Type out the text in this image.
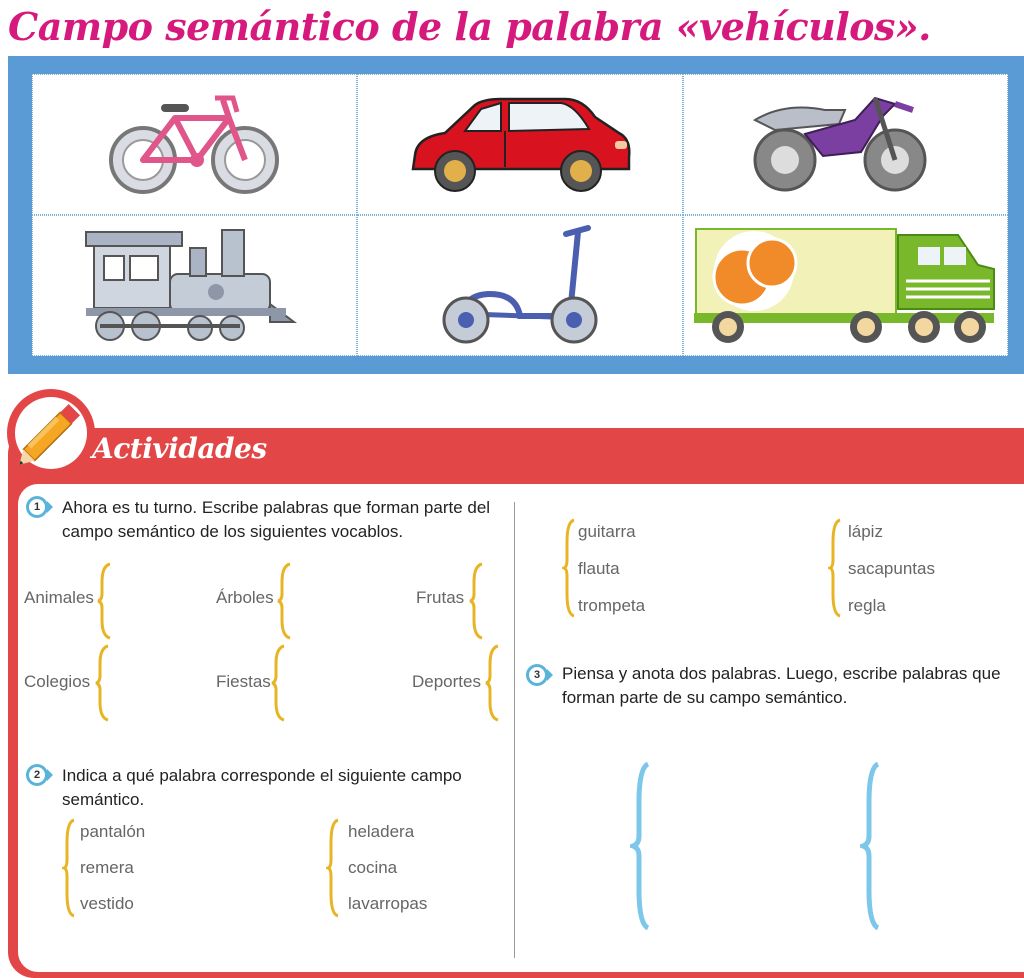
Campo semántico de la palabra «vehículos».
Actividades
1 Ahora es tu turno. Escribe palabras que forman parte del campo semántico de los siguientes vocablos.
Animales	Árboles	Frutas
Colegios	Fiestas	Deportes
2 Indica a qué palabra corresponde el siguiente campo semántico.
pantalón
remera
vestido
heladera
cocina
lavarropas
guitarra
flauta
trompeta
lápiz
sacapuntas
regla
3 Piensa y anota dos palabras. Luego, escribe palabras que forman parte de su campo semántico.
